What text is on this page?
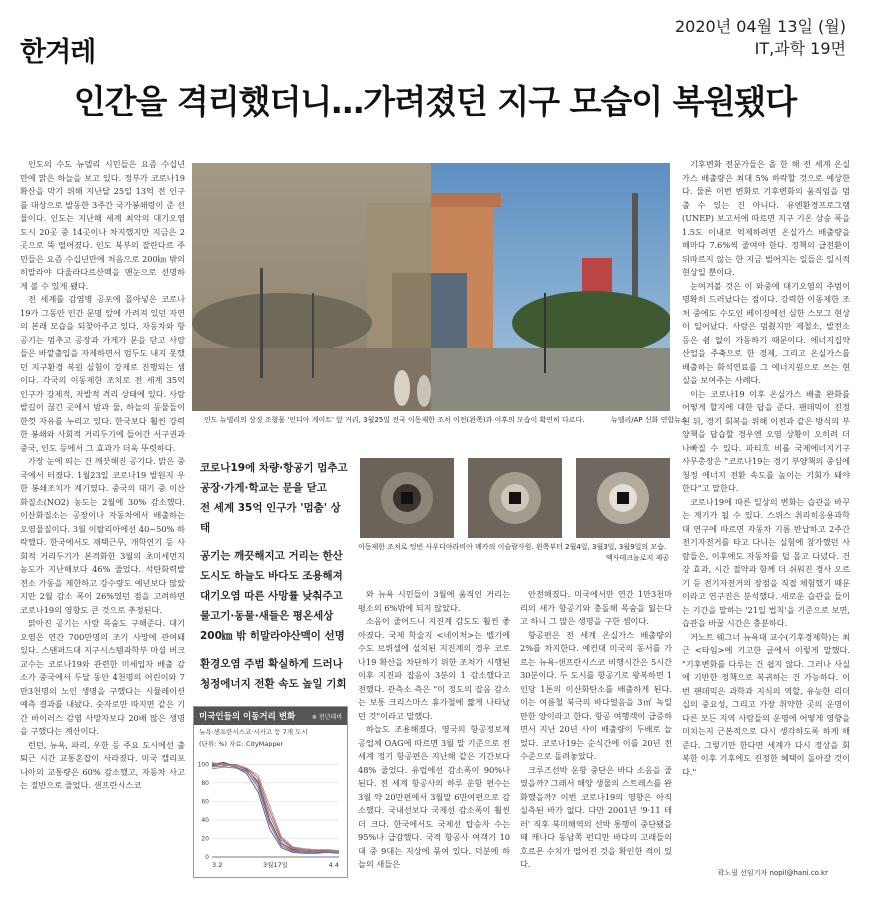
한겨레
2020년 04월 13일 (월)
IT,과학 19면
인간을 격리했더니…가려졌던 지구 모습이 복원됐다

인도의 수도 뉴델리 시민들은 요즘 수십년 만에 맑은 하늘을 보고 있다. 정부가 코로나19 확산을 막기 위해 지난달 25일 13억 전 인구를 대상으로 발동한 3주간 국가봉쇄령이 준 선물이다. 인도는 지난해 세계 최악의 대기오염 도시 20곳 중 14곳이나 차지했지만 지금은 2곳으로 뚝 떨어졌다. 인도 북부의 잘란다르 주민들은 요즘 수십년만에 처음으로 200㎞ 밖의 히말라야 다울라다르산맥을 맨눈으로 선명하게 볼 수 있게 됐다.

전 세계를 감염병 공포에 몰아넣은 코로나19가 그동안 인간 문명 앞에 가려져 있던 자연의 본래 모습을 되찾아주고 있다. 자동차와 항공기는 멈추고 공장과 가게가 문을 닫고 사람들은 바깥출입을 자제하면서 엄두도 내지 못했던 지구환경 복원 실험이 강제로 진행되는 셈이다. 각국의 이동제한 조치로 전 세계 35억 인구가 강제적, 자발적 격리 상태에 있다. 사람 발길이 끊긴 곳에서 밤과 물, 하늘의 동물들이 한껏 자유를 누리고 있다. 한국보다 훨씬 강력한 봉쇄와 사회적 거리두기에 들어간 서구권과 중국, 인도 등에서 그 효과가 더욱 뚜렷하다.

가장 눈에 띄는 건 깨끗해진 공기다. 맑은 중국에서 터졌다. 1월23일 코로나19 발원지 우한 봉쇄조치가 계기였다. 중국의 대기 중 이산화질소(NO2) 농도는 2월에 30% 감소했다. 이산화질소는 공장이나 자동차에서 배출하는 오염물질이다. 3월 이탈리아에선 40~50% 하락했다. 한국에서도 재택근무, 개학연기 등 사회적 거리두기가 본격화한 3월의 초미세먼지 농도가 지난해보다 46% 줄었다. 석탄화력발전소 가동을 제한하고 강수량도 예년보다 많았지만 2월 감소 폭이 26%였던 점을 고려하면 코로나19의 영향도 큰 것으로 추정된다.

맑아진 공기는 사람 목숨도 구해준다. 대기오염은 연간 700만명의 조기 사망에 관여돼 있다. 스탠퍼드대 지구시스템과학부 마셜 버크 교수는 코로나19와 관련한 미세입자 배출 감소가 중국에서 두달 동안 4천명의 어린이와 7만3천명의 노인 생명을 구했다는 시뮬레이션 예측 결과를 내놨다. 숫자로만 따지면 같은 기간 바이러스 감염 사망자보다 20배 많은 생명을 구했다는 계산이다.

런던, 뉴욕, 파리, 우한 등 주요 도시에선 출퇴근 시간 교통혼잡이 사라졌다. 미국 캘리포니아의 교통량은 60% 감소했고, 자동차 사고는 절반으로 줄었다. 샌프란시스코

인도 뉴델리의 상징 조형물 '인디아 게이트' 앞 거리, 3월25일 전국 이동제한 조처 이전(왼쪽)과 이후의 모습이 확연히 다르다.	뉴델리/AP 신화 연합뉴스
코로나19에 차량·항공기 멈추고
공장·가게·학교는 문을 닫고
전 세계 35억 인구가 '멈춤' 상태
공기는 깨끗해지고 거리는 한산
도시도 하늘도 바다도 조용해져
대기오염 따른 사망률 낮춰주고
물고기·동물·새들은 평온세상
200㎞ 밖 히말라야산맥이 선명
환경오염 주범 확실하게 드러나
청정에너지 전환 속도 높일 기회
이동제한 조처로 텅빈 사우디아라비아 메카의 이슬람사원. 왼쪽부터 2월4일, 3월3일, 3월9일의 모습.
맥사테크놀로지 제공

와 뉴욕 시민들이 3월에 움직인 거리는 평소의 6%밖에 되지 않았다.

소음이 줄어드니 지진계 감도도 훨씬 좋아졌다. 국제 학술지 <네이처>는 벨기에 수도 브뤼셀에 설치된 지진계의 경우 코로나19 확산을 차단하기 위한 조처가 시행된 이후 지진파 잡음이 3분의 1 감소했다고 전했다. 관측소 측은 "이 정도의 잡음 감소는 보통 크리스마스 휴가철에 짧게 나타났던 것"이라고 말했다.

하늘도 조용해졌다. 영국의 항공정보제공업체 OAG에 따르면 3월 말 기준으로 전 세계 정기 항공편은 지난해 같은 기간보다 48% 줄었다. 유럽에선 감소폭이 90%나 된다. 전 세계 항공사의 하루 운항 편수는 3월 약 20만편에서 3월말 6만여편으로 감소했다. 국내선보다 국제선 감소폭이 훨씬 더 크다. 한국에서도 국제선 탑승자 수는 95%나 급감했다. 국적 항공사 여객기 10대 중 9대는 지상에 묶여 있다. 덕분에 하늘의 새들은

안전해졌다. 미국에서만 연간 1만3천마리의 새가 항공기와 충돌해 목숨을 잃는다고 하니 그 많은 생명을 구한 셈이다.

항공편은 전 세계 온실가스 배출량의 2%를 차지한다. 예컨대 미국의 동서를 가르는 뉴욕-샌프란시스코 비행시간은 5시간30분이다. 두 도시를 항공기로 왕복하면 1인당 1톤의 이산화탄소를 배출하게 된다. 이는 여름철 북극의 바다얼음을 3㎡ 녹일 만한 양이라고 한다. 항공 여행객이 급증하면서 지난 20년 사이 배출량이 두배로 늘었다. 코로나19는 순식간에 이를 20년 전 수준으로 돌려놓았다.

크루즈선박 운항 중단은 바다 소음을 줄였을까? 그래서 해양 생물의 스트레스를 완화했을까? 이번 코로나19의 영향은 아직 실측된 바가 없다. 다만 2001년 '9·11 테러' 직후 북미해역의 선박 통행이 중단됐을 때 캐나다 동남쪽 펀디만 바다의 고래들의 호르몬 수치가 떨어진 것을 확인한 적이 있다.

기후변화 전문가들은 올 한 해 전 세계 온실가스 배출량은 최대 5% 하락할 것으로 예상한다. 물론 이번 변화로 기후변화의 움직임을 멈출 수 있는 건 아니다. 유엔환경프로그램(UNEP) 보고서에 따르면 지구 기온 상승 폭을 1.5도 이내로 억제하려면 온실가스 배출량을 해마다 7.6%씩 줄여야 한다. 정책의 급전환이 뒤따르지 않는 한 지금 벌어지는 일들은 일시적 현상일 뿐이다.

눈여겨볼 것은 이 와중에 대기오염의 주범이 명확히 드러났다는 점이다. 강력한 이동제한 조처 중에도 수도인 베이징에선 심한 스모그 현상이 일어났다. 사람은 멈췄지만 제철소, 발전소 등은 쉼 없이 가동하기 때문이다. 에너지집약 산업을 주축으로 한 경제, 그리고 온실가스를 배출하는 화석연료를 그 에너지원으로 쓰는 현실을 보여주는 사례다.

이는 코로나19 이후 온실가스 배출 완화를 어떻게 할지에 대한 답을 준다. 팬데믹이 진정된 뒤, 경기 회복을 위해 이전과 같은 방식의 부양책을 답습할 경우엔 오염 상황이 오히려 더 나빠질 수 있다. 파티흐 비롤 국제에너지기구 사무총장은 "코로나19는 경기 부양책의 중심에 청정 에너지 전환 속도를 높이는 기회가 돼야 한다"고 말한다.

코로나19에 따른 일상의 변화는 습관을 바꾸는 계기가 될 수 있다. 스위스 취리히응용과학대 연구에 따르면 자동차 기름 반납하고 2주간 전기자전거를 타고 다니는 실험에 참가했던 사람들은, 이후에도 자동차를 덜 몰고 다녔다. 건강 효과, 시간 절약과 함께 더 쉬워진 경사 오르기 등 전기자전거의 장점을 직접 체험했기 때문이라고 연구진은 분석했다. 새로운 습관을 들이는 기간을 말하는 '21일 법칙'을 기준으로 보면, 습관을 바꿀 시간은 충분하다.

거노트 웨그너 뉴욕대 교수(기후경제학)는 최근 <타임>에 기고한 글에서 이렇게 말했다. "기후변화를 다루는 건 쉽지 않다. 그러나 사실에 기반한 정책으로 복귀하는 건 가능하다. 이번 팬데믹은 과학과 지식의 역할, 유능한 리더십의 중요성, 그리고 가장 취약한 곳의 운명이 다른 모든 지역 사람들의 운명에 어떻게 영향을 미치는지 근본적으로 다시 생각하도록 하게 해준다. 그렇기만 한다면 세계가 다시 정상을 회복한 이후 기후에도 진정한 혜택이 돌아갈 것이다."

곽노필 선임기자 nopil@hani.co.kr
미국인들의 이동거리 변화	※ 전년대비
뉴욕·샌프란시스코·시카고 등 7개 도시
(단위: %) 자료: CityMapper
100
80
60
40
20
0
3.2	3월17일	4.4
